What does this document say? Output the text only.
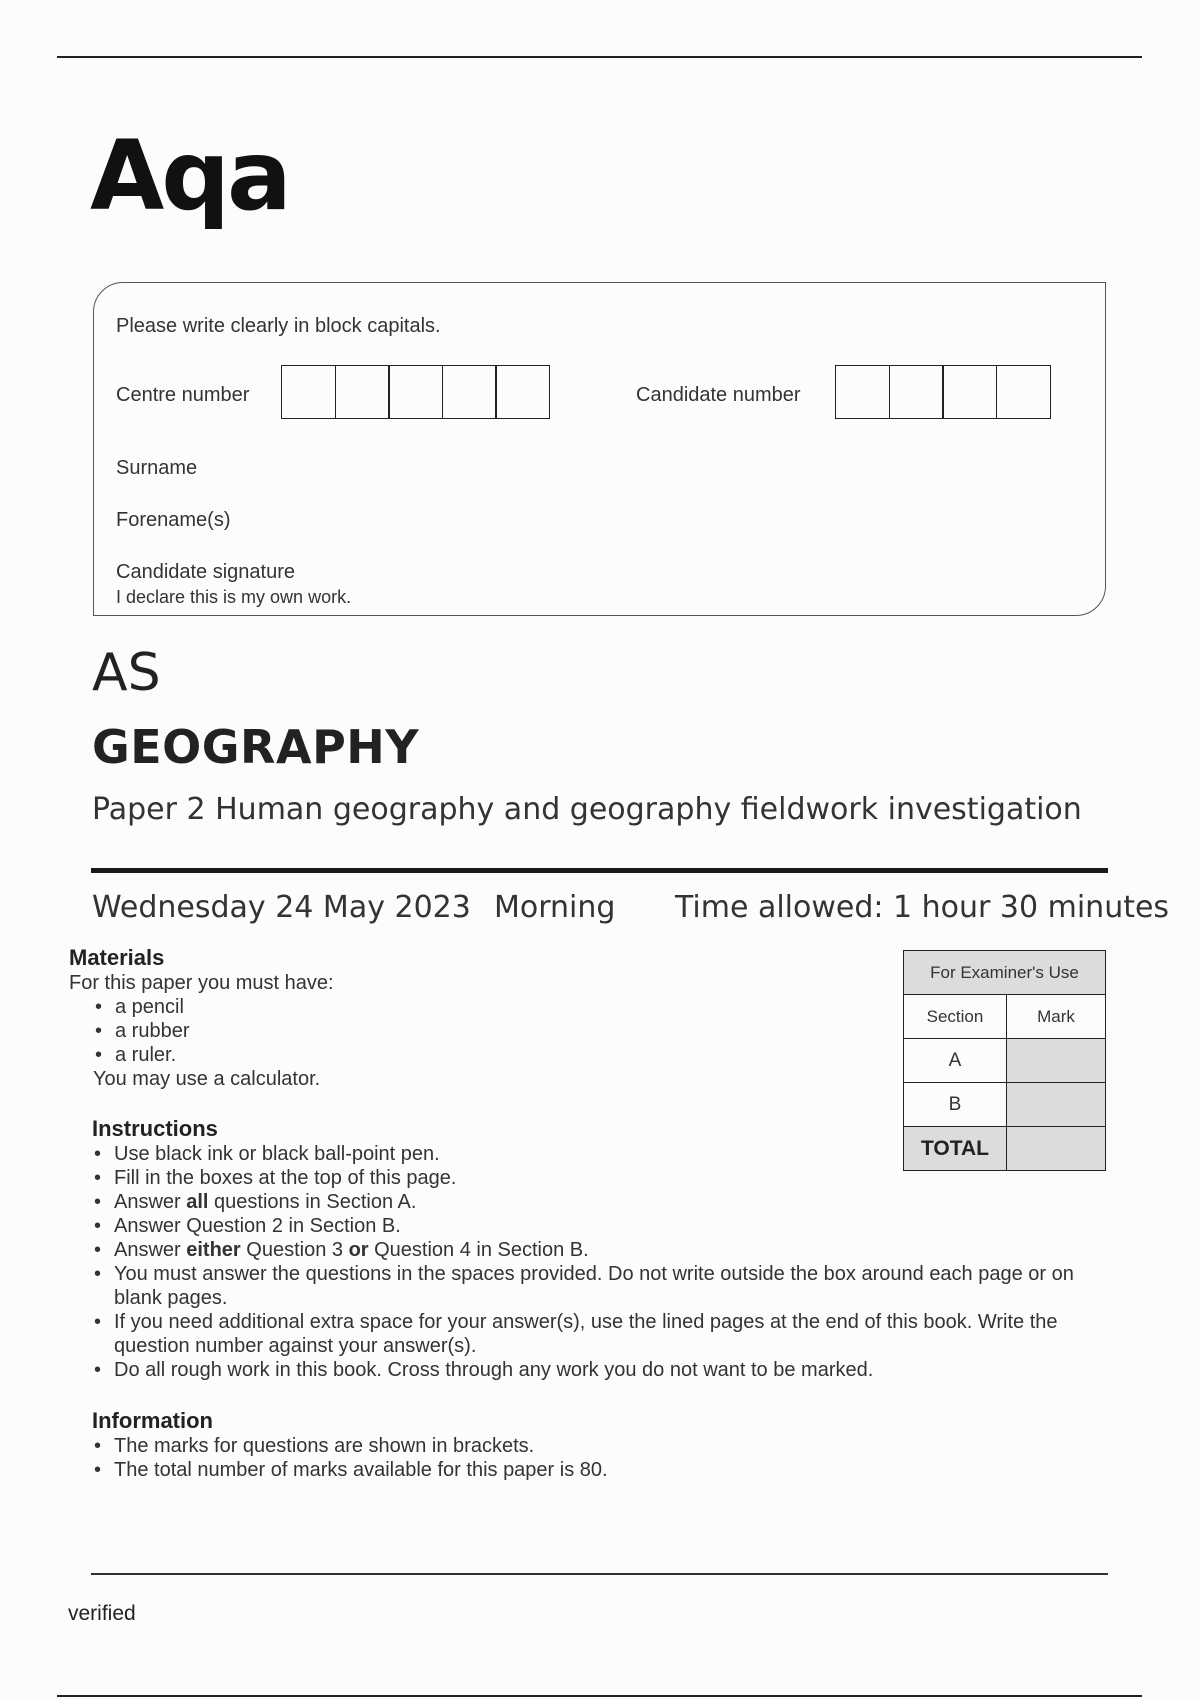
Aqa
Please write clearly in block capitals.
Centre number	Candidate number
Surname
Forename(s)
Candidate signature
I declare this is my own work.
AS
GEOGRAPHY
Paper 2 Human geography and geography fieldwork investigation
Wednesday 24 May 2023 Morning Time allowed: 1 hour 30 minutes
Materials
For this paper you must have:
• a pencil
• a rubber
• a ruler.
You may use a calculator.
Instructions
• Use black ink or black ball-point pen.
• Fill in the boxes at the top of this page.
• Answer all questions in Section A.
• Answer Question 2 in Section B.
• Answer either Question 3 or Question 4 in Section B.
• You must answer the questions in the spaces provided. Do not write outside the box around each page or on blank pages.
• If you need additional extra space for your answer(s), use the lined pages at the end of this book. Write the question number against your answer(s).
• Do all rough work in this book. Cross through any work you do not want to be marked.
Information
• The marks for questions are shown in brackets.
• The total number of marks available for this paper is 80.
For Examiner's Use	
Section	Mark
A	
B	
TOTAL	
verified
